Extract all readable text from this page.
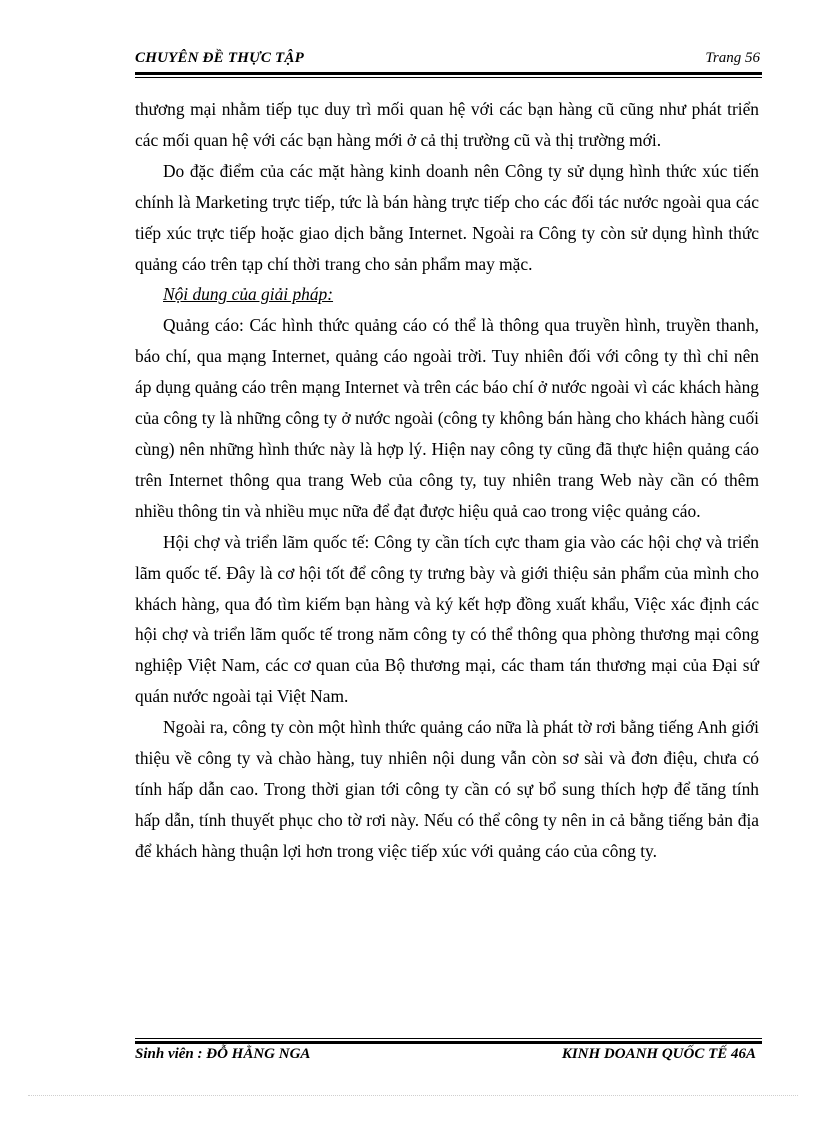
CHUYÊN ĐỀ THỰC TẬP	Trang 56

thương mại nhằm tiếp tục duy trì mối quan hệ với các bạn hàng cũ cũng như phát triển các mối quan hệ với các bạn hàng mới ở cả thị trường cũ và thị trường mới.

Do đặc điểm của các mặt hàng kinh doanh nên Công ty sử dụng hình thức xúc tiến chính là Marketing trực tiếp, tức là bán hàng trực tiếp cho các đối tác nước ngoài qua các tiếp xúc trực tiếp hoặc giao dịch bằng Internet. Ngoài ra Công ty còn sử dụng hình thức quảng cáo trên tạp chí thời trang cho sản phẩm may mặc.

Nội dung của giải pháp:

Quảng cáo: Các hình thức quảng cáo có thể là thông qua truyền hình, truyền thanh, báo chí, qua mạng Internet, quảng cáo ngoài trời. Tuy nhiên đối với công ty thì chỉ nên áp dụng quảng cáo trên mạng Internet và trên các báo chí ở nước ngoài vì các khách hàng của công ty là những công ty ở nước ngoài (công ty không bán hàng cho khách hàng cuối cùng) nên những hình thức này là hợp lý. Hiện nay công ty cũng đã thực hiện quảng cáo trên Internet thông qua trang Web của công ty, tuy nhiên trang Web này cần có thêm nhiều thông tin và nhiều mục nữa để đạt được hiệu quả cao trong việc quảng cáo.

Hội chợ và triển lãm quốc tế: Công ty cần tích cực tham gia vào các hội chợ và triển lãm quốc tế. Đây là cơ hội tốt để công ty trưng bày và giới thiệu sản phẩm của mình cho khách hàng, qua đó tìm kiếm bạn hàng và ký kết hợp đồng xuất khẩu, Việc xác định các hội chợ và triển lãm quốc tế trong năm công ty có thể thông qua phòng thương mại công nghiệp Việt Nam, các cơ quan của Bộ thương mại, các tham tán thương mại của Đại sứ quán nước ngoài tại Việt Nam.

Ngoài ra, công ty còn một hình thức quảng cáo nữa là phát tờ rơi bằng tiếng Anh giới thiệu về công ty và chào hàng, tuy nhiên nội dung vẫn còn sơ sài và đơn điệu, chưa có tính hấp dẫn cao. Trong thời gian tới công ty cần có sự bổ sung thích hợp để tăng tính hấp dẫn, tính thuyết phục cho tờ rơi này. Nếu có thể công ty nên in cả bằng tiếng bản địa để khách hàng thuận lợi hơn trong việc tiếp xúc với quảng cáo của công ty.

Sinh viên : ĐỖ HẰNG NGA	KINH DOANH QUỐC TẾ 46A
